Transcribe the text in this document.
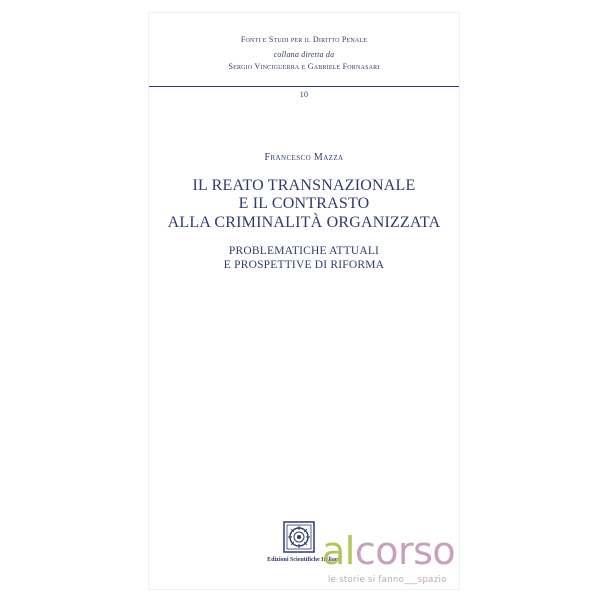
Fonti e Studi per il Diritto Penale
collana diretta da
Sergio Vinciguerra e Gabriele Fornasari
10
Francesco Mazza
IL REATO TRANSNAZIONALE
E IL CONTRASTO
ALLA CRIMINALITÀ ORGANIZZATA
PROBLEMATICHE ATTUALI
E PROSPETTIVE DI RIFORMA
Edizioni Scientifiche Italiane
alcorso
le storie si fanno___spazio
